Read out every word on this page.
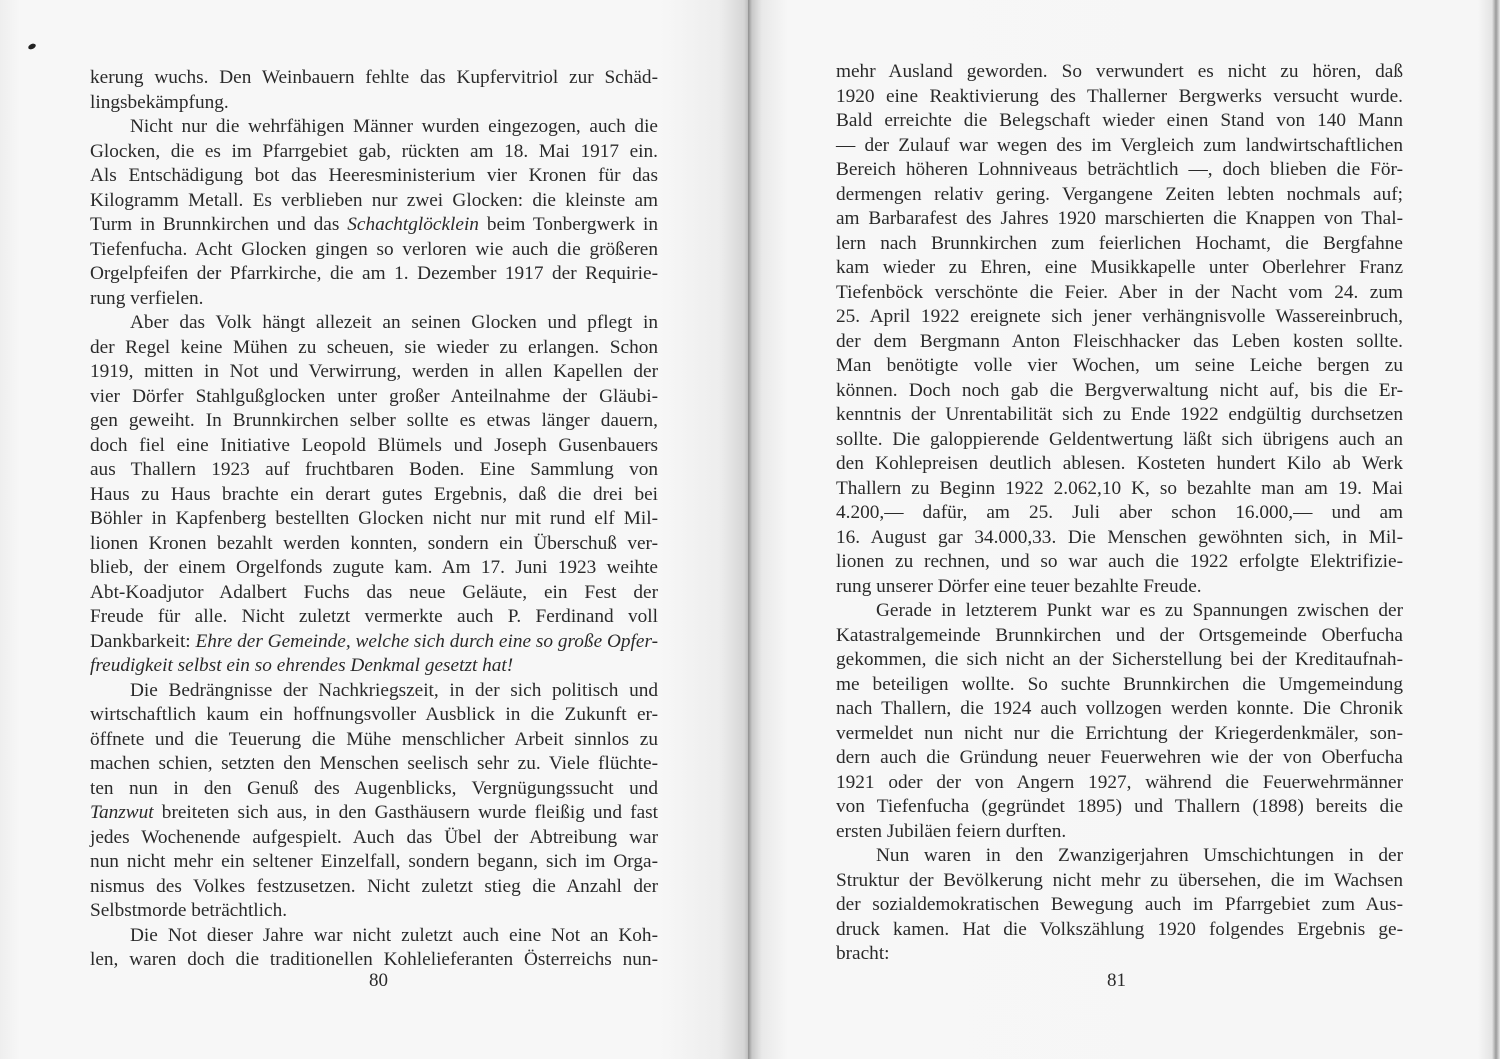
kerung wuchs. Den Weinbauern fehlte das Kupfervitriol zur Schäd-
lingsbekämpfung.
Nicht nur die wehrfähigen Männer wurden eingezogen, auch die
Glocken, die es im Pfarrgebiet gab, rückten am 18. Mai 1917 ein.
Als Entschädigung bot das Heeresministerium vier Kronen für das
Kilogramm Metall. Es verblieben nur zwei Glocken: die kleinste am
Turm in Brunnkirchen und das Schachtglöcklein beim Tonbergwerk in
Tiefenfucha. Acht Glocken gingen so verloren wie auch die größeren
Orgelpfeifen der Pfarrkirche, die am 1. Dezember 1917 der Requirie-
rung verfielen.
Aber das Volk hängt allezeit an seinen Glocken und pflegt in
der Regel keine Mühen zu scheuen, sie wieder zu erlangen. Schon
1919, mitten in Not und Verwirrung, werden in allen Kapellen der
vier Dörfer Stahlgußglocken unter großer Anteilnahme der Gläubi-
gen geweiht. In Brunnkirchen selber sollte es etwas länger dauern,
doch fiel eine Initiative Leopold Blümels und Joseph Gusenbauers
aus Thallern 1923 auf fruchtbaren Boden. Eine Sammlung von
Haus zu Haus brachte ein derart gutes Ergebnis, daß die drei bei
Böhler in Kapfenberg bestellten Glocken nicht nur mit rund elf Mil-
lionen Kronen bezahlt werden konnten, sondern ein Überschuß ver-
blieb, der einem Orgelfonds zugute kam. Am 17. Juni 1923 weihte
Abt-Koadjutor Adalbert Fuchs das neue Geläute, ein Fest der
Freude für alle. Nicht zuletzt vermerkte auch P. Ferdinand voll
Dankbarkeit: Ehre der Gemeinde, welche sich durch eine so große Opfer-
freudigkeit selbst ein so ehrendes Denkmal gesetzt hat!
Die Bedrängnisse der Nachkriegszeit, in der sich politisch und
wirtschaftlich kaum ein hoffnungsvoller Ausblick in die Zukunft er-
öffnete und die Teuerung die Mühe menschlicher Arbeit sinnlos zu
machen schien, setzten den Menschen seelisch sehr zu. Viele flüchte-
ten nun in den Genuß des Augenblicks, Vergnügungssucht und
Tanzwut breiteten sich aus, in den Gasthäusern wurde fleißig und fast
jedes Wochenende aufgespielt. Auch das Übel der Abtreibung war
nun nicht mehr ein seltener Einzelfall, sondern begann, sich im Orga-
nismus des Volkes festzusetzen. Nicht zuletzt stieg die Anzahl der
Selbstmorde beträchtlich.
Die Not dieser Jahre war nicht zuletzt auch eine Not an Koh-
len, waren doch die traditionellen Kohlelieferanten Österreichs nun-
mehr Ausland geworden. So verwundert es nicht zu hören, daß
1920 eine Reaktivierung des Thallerner Bergwerks versucht wurde.
Bald erreichte die Belegschaft wieder einen Stand von 140 Mann
— der Zulauf war wegen des im Vergleich zum landwirtschaftlichen
Bereich höheren Lohnniveaus beträchtlich —, doch blieben die För-
dermengen relativ gering. Vergangene Zeiten lebten nochmals auf;
am Barbarafest des Jahres 1920 marschierten die Knappen von Thal-
lern nach Brunnkirchen zum feierlichen Hochamt, die Bergfahne
kam wieder zu Ehren, eine Musikkapelle unter Oberlehrer Franz
Tiefenböck verschönte die Feier. Aber in der Nacht vom 24. zum
25. April 1922 ereignete sich jener verhängnisvolle Wassereinbruch,
der dem Bergmann Anton Fleischhacker das Leben kosten sollte.
Man benötigte volle vier Wochen, um seine Leiche bergen zu
können. Doch noch gab die Bergverwaltung nicht auf, bis die Er-
kenntnis der Unrentabilität sich zu Ende 1922 endgültig durchsetzen
sollte. Die galoppierende Geldentwertung läßt sich übrigens auch an
den Kohlepreisen deutlich ablesen. Kosteten hundert Kilo ab Werk
Thallern zu Beginn 1922 2.062,10 K, so bezahlte man am 19. Mai
4.200,— dafür, am 25. Juli aber schon 16.000,— und am
16. August gar 34.000,33. Die Menschen gewöhnten sich, in Mil-
lionen zu rechnen, und so war auch die 1922 erfolgte Elektrifizie-
rung unserer Dörfer eine teuer bezahlte Freude.
Gerade in letzterem Punkt war es zu Spannungen zwischen der
Katastralgemeinde Brunnkirchen und der Ortsgemeinde Oberfucha
gekommen, die sich nicht an der Sicherstellung bei der Kreditaufnah-
me beteiligen wollte. So suchte Brunnkirchen die Umgemeindung
nach Thallern, die 1924 auch vollzogen werden konnte. Die Chronik
vermeldet nun nicht nur die Errichtung der Kriegerdenkmäler, son-
dern auch die Gründung neuer Feuerwehren wie der von Oberfucha
1921 oder der von Angern 1927, während die Feuerwehrmänner
von Tiefenfucha (gegründet 1895) und Thallern (1898) bereits die
ersten Jubiläen feiern durften.
Nun waren in den Zwanzigerjahren Umschichtungen in der
Struktur der Bevölkerung nicht mehr zu übersehen, die im Wachsen
der sozialdemokratischen Bewegung auch im Pfarrgebiet zum Aus-
druck kamen. Hat die Volkszählung 1920 folgendes Ergebnis ge-
bracht:
80	81
